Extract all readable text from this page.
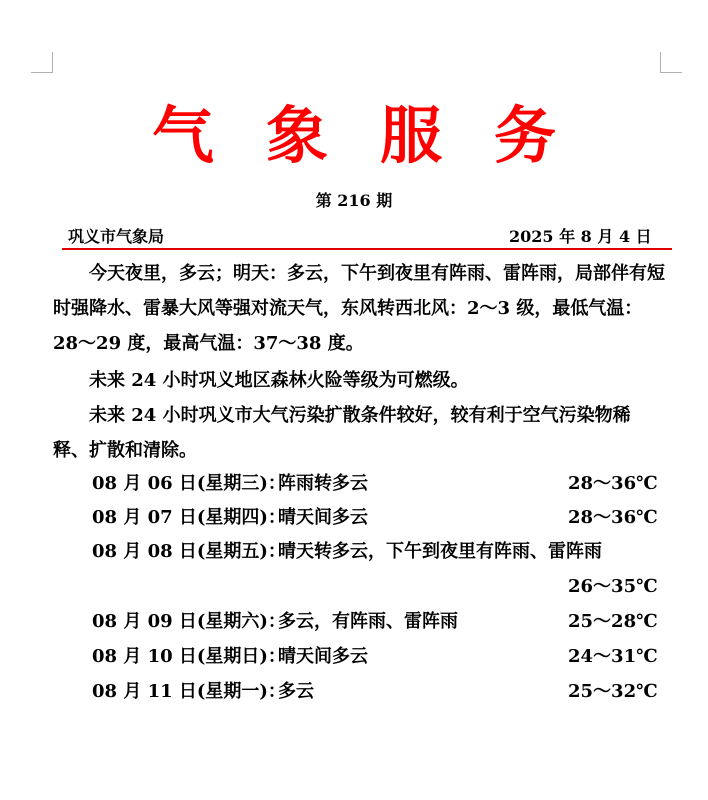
气 象 服 务
第 216 期
巩义市气象局	2025 年 8 月 4 日
今天夜里，多云；明天：多云，下午到夜里有阵雨、雷阵雨，局部伴有短时强降水、雷暴大风等强对流天气，东风转西北风：2～3 级，最低气温：28～29 度，最高气温：37～38 度。
未来 24 小时巩义地区森林火险等级为可燃级。
未来 24 小时巩义市大气污染扩散条件较好，较有利于空气污染物稀释、扩散和清除。
08 月 06 日(星期三)：
阵雨转多云	28～36℃
08 月 07 日(星期四)：
晴天间多云	28～36℃
08 月 08 日(星期五)：
晴天转多云，下午到夜里有阵雨、雷阵雨
26～35℃
08 月 09 日(星期六)：
多云，有阵雨、雷阵雨	25～28℃
08 月 10 日(星期日)：
晴天间多云	24～31℃
08 月 11 日(星期一)：
多云	25～32℃
